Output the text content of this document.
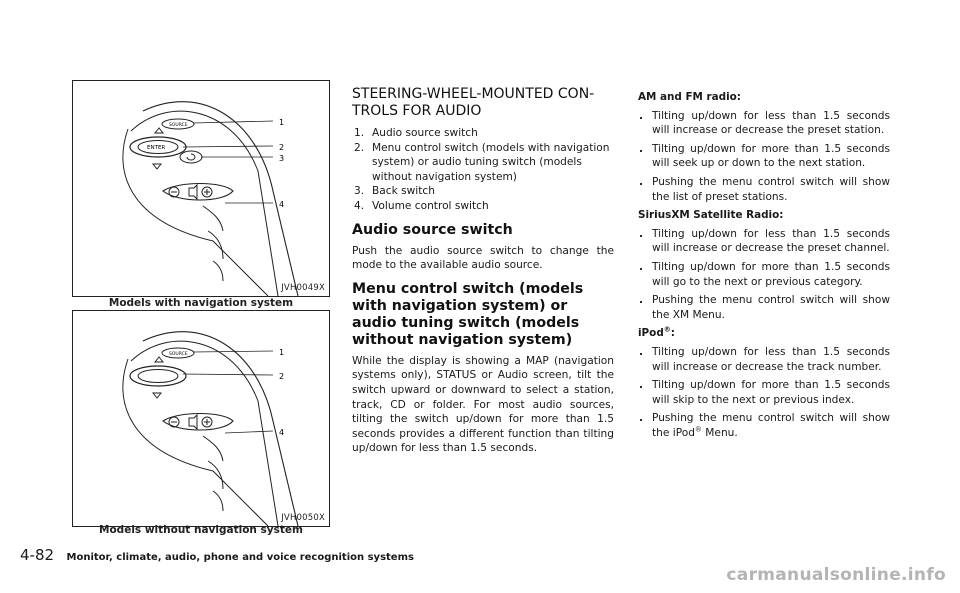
SOURCE
ENTER
1
2
3
4
JVH0049X
Models with navigation system
SOURCE	1
2
4
JVH0050X
Models without navigation system
STEERING-WHEEL-MOUNTED CON-TROLS FOR AUDIO
1. Audio source switch
2. Menu control switch (models with navigation system) or audio tuning switch (models without navigation system)
3. Back switch
4. Volume control switch
Audio source switch

Push the audio source switch to change the mode to the available audio source.

Menu control switch (models with navigation system) or audio tuning switch (models without navigation system)

While the display is showing a MAP (navigation systems only), STATUS or Audio screen, tilt the switch upward or downward to select a station, track, CD or folder. For most audio sources, tilting the switch up/down for more than 1.5 seconds provides a different function than tilting up/down for less than 1.5 seconds.

AM and FM radio:
. Tilting up/down for less than 1.5 seconds will increase or decrease the preset station.
. Tilting up/down for more than 1.5 seconds will seek up or down to the next station.
. Pushing the menu control switch will show the list of preset stations.
SiriusXM Satellite Radio:
. Tilting up/down for less than 1.5 seconds will increase or decrease the preset channel.
. Tilting up/down for more than 1.5 seconds will go to the next or previous category.
. Pushing the menu control switch will show the XM Menu.
iPod®:
. Tilting up/down for less than 1.5 seconds will increase or decrease the track number.
. Tilting up/down for more than 1.5 seconds will skip to the next or previous index.
. Pushing the menu control switch will show the iPod® Menu.
4-82 Monitor, climate, audio, phone and voice recognition systems
carmanualsonline.info
